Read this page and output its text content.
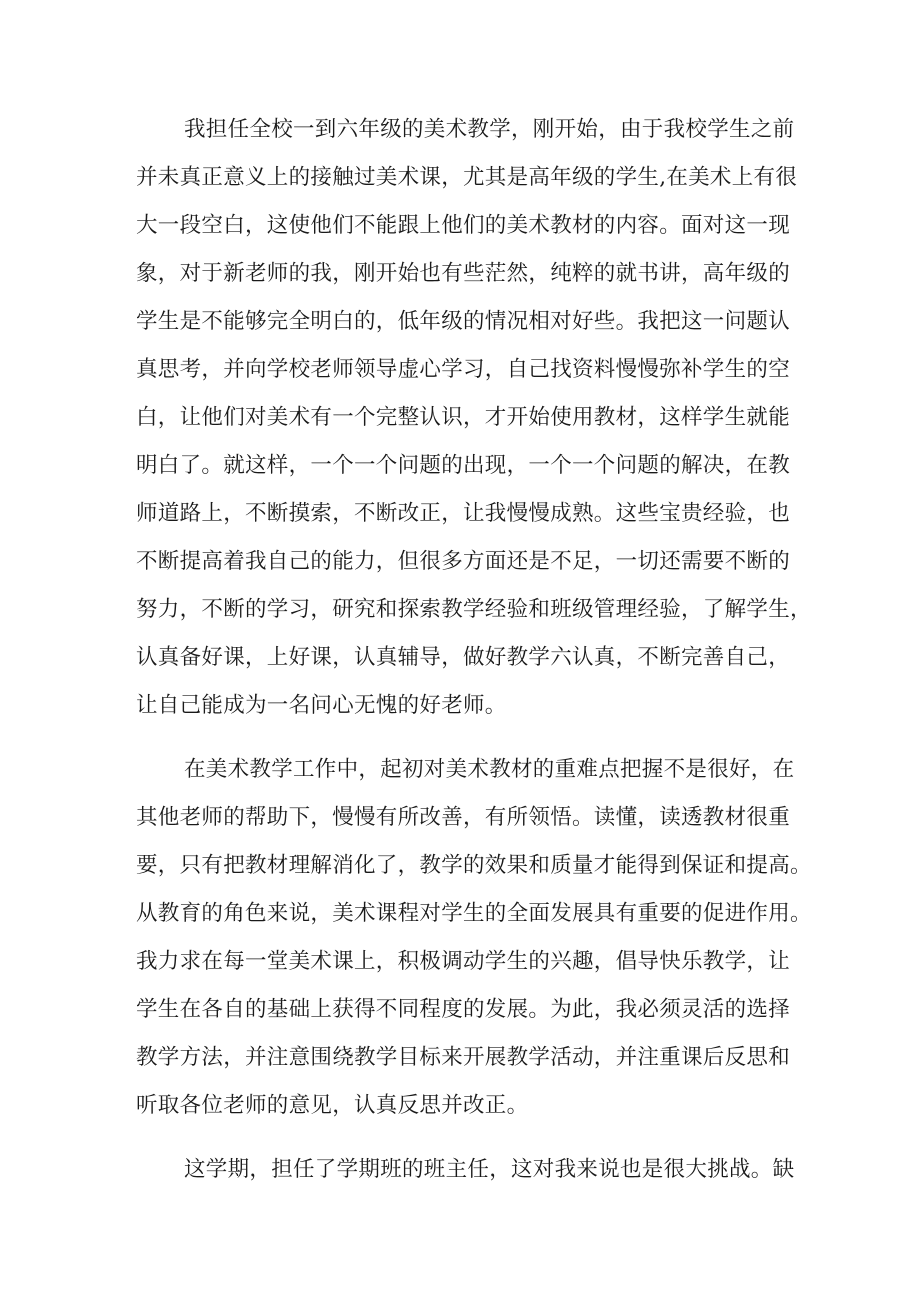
我担任全校一到六年级的美术教学，刚开始，由于我校学生之前
并未真正意义上的接触过美术课，尤其是高年级的学生,在美术上有很
大一段空白，这使他们不能跟上他们的美术教材的内容。面对这一现
象，对于新老师的我，刚开始也有些茫然，纯粹的就书讲，高年级的
学生是不能够完全明白的，低年级的情况相对好些。我把这一问题认
真思考，并向学校老师领导虚心学习，自己找资料慢慢弥补学生的空
白，让他们对美术有一个完整认识，才开始使用教材，这样学生就能
明白了。就这样，一个一个问题的出现，一个一个问题的解决，在教
师道路上，不断摸索，不断改正，让我慢慢成熟。这些宝贵经验，也
不断提高着我自己的能力，但很多方面还是不足，一切还需要不断的
努力，不断的学习，研究和探索教学经验和班级管理经验，了解学生，
认真备好课，上好课，认真辅导，做好教学六认真，不断完善自己，
让自己能成为一名问心无愧的好老师。
在美术教学工作中，起初对美术教材的重难点把握不是很好，在
其他老师的帮助下，慢慢有所改善，有所领悟。读懂，读透教材很重
要，只有把教材理解消化了，教学的效果和质量才能得到保证和提高。
从教育的角色来说，美术课程对学生的全面发展具有重要的促进作用。
我力求在每一堂美术课上，积极调动学生的兴趣，倡导快乐教学，让
学生在各自的基础上获得不同程度的发展。为此，我必须灵活的选择
教学方法，并注意围绕教学目标来开展教学活动，并注重课后反思和
听取各位老师的意见，认真反思并改正。
这学期，担任了学期班的班主任，这对我来说也是很大挑战。缺
